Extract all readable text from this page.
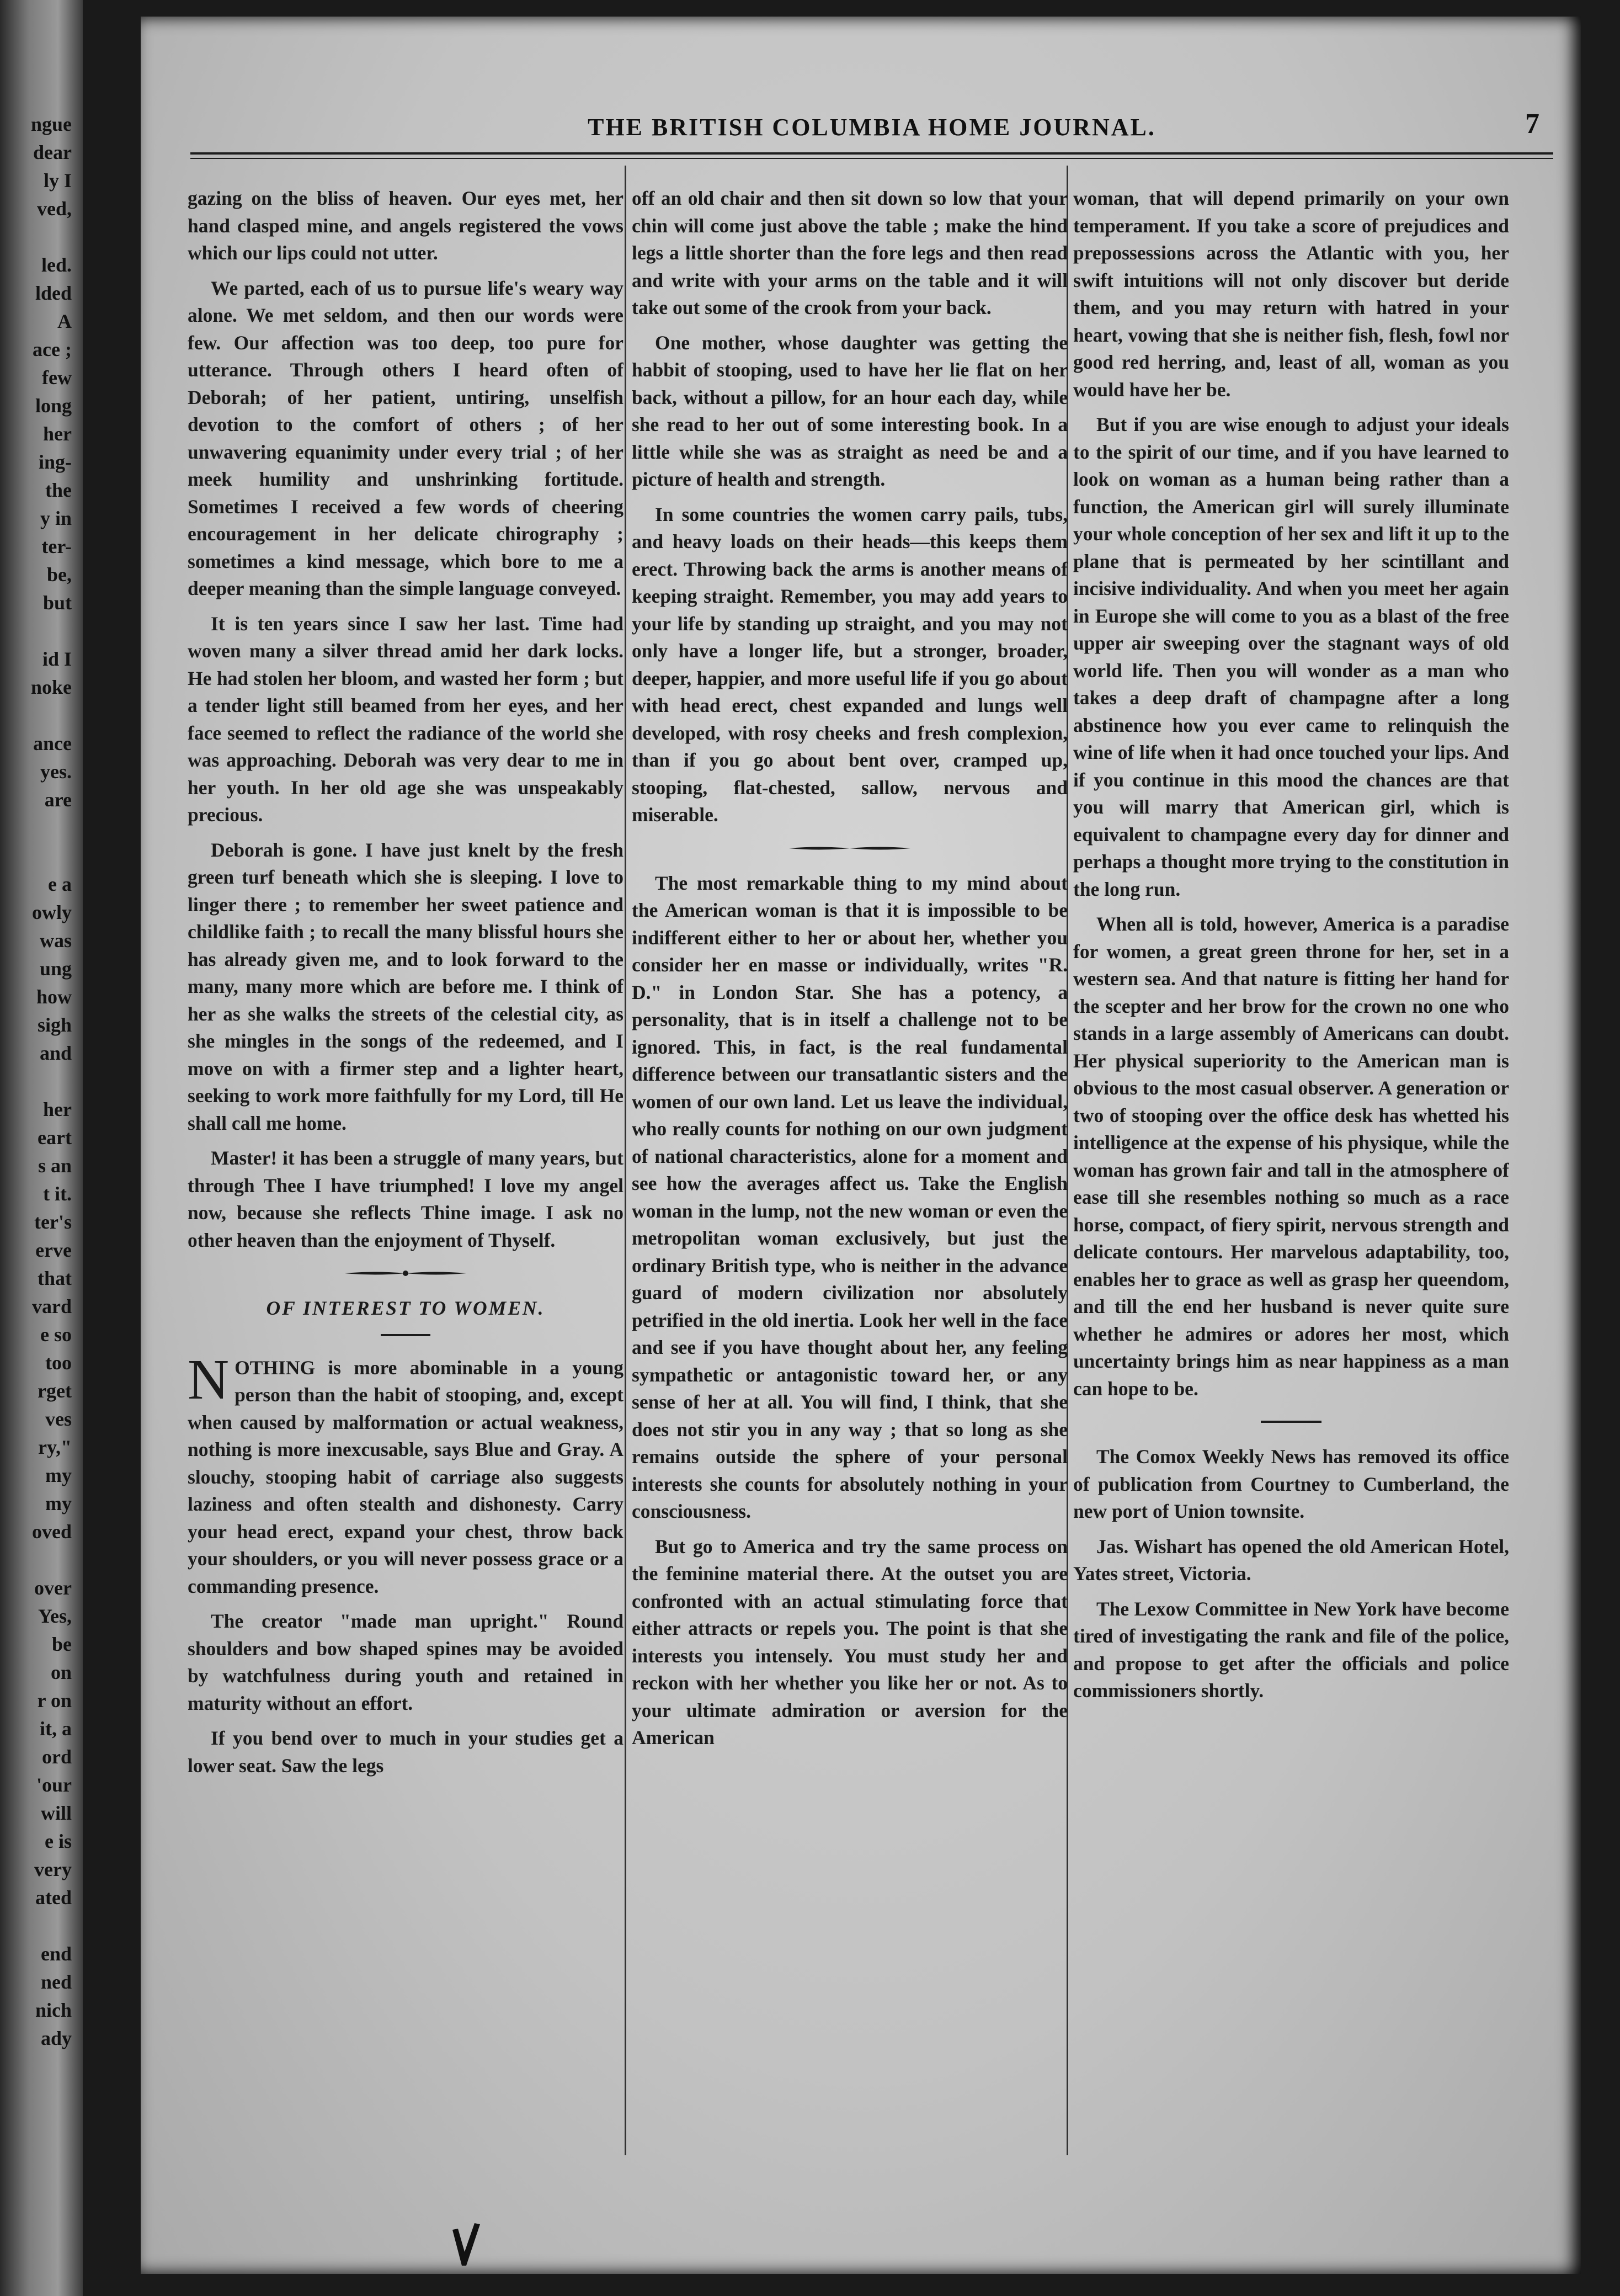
ngue
dear
ly I
ved,
led.
lded
A
ace ;
few
long
her
ing-
the
y in
ter-
be,
but
id I
noke
ance
yes.
are
e a
owly
was
ung
how
sigh
and
her
eart
s an
t it.
ter's
erve
that
vard
e so
too
rget
ves
ry,"
my
my
oved
over
Yes,
be
on
r on
it, a
ord
'our
will
e is
very
ated
end
ned
nich
ady
THE BRITISH COLUMBIA HOME JOURNAL.	7

gazing on the bliss of heaven. Our eyes met, her hand clasped mine, and angels registered the vows which our lips could not utter.

We parted, each of us to pursue life's weary way alone. We met seldom, and then our words were few. Our affection was too deep, too pure for utterance. Through others I heard often of Deborah; of her patient, untiring, unselfish devotion to the comfort of others ; of her unwavering equanimity under every trial ; of her meek humility and unshrinking fortitude. Sometimes I received a few words of cheering encouragement in her delicate chirography ; sometimes a kind message, which bore to me a deeper meaning than the simple language conveyed.

It is ten years since I saw her last. Time had woven many a silver thread amid her dark locks. He had stolen her bloom, and wasted her form ; but a tender light still beamed from her eyes, and her face seemed to reflect the radiance of the world she was approaching. Deborah was very dear to me in her youth. In her old age she was unspeakably precious.

Deborah is gone. I have just knelt by the fresh green turf beneath which she is sleeping. I love to linger there ; to remember her sweet patience and childlike faith ; to recall the many blissful hours she has already given me, and to look forward to the many, many more which are before me. I think of her as she walks the streets of the celestial city, as she mingles in the songs of the redeemed, and I move on with a firmer step and a lighter heart, seeking to work more faithfully for my Lord, till He shall call me home.

Master! it has been a struggle of many years, but through Thee I have triumphed! I love my angel now, because she reflects Thine image. I ask no other heaven than the enjoyment of Thyself.

OF INTEREST TO WOMEN.

NOTHING is more abominable in a young person than the habit of stooping, and, except when caused by malformation or actual weakness, nothing is more inexcusable, says Blue and Gray. A slouchy, stooping habit of carriage also suggests laziness and often stealth and dishonesty. Carry your head erect, expand your chest, throw back your shoulders, or you will never possess grace or a commanding presence.

The creator "made man upright." Round shoulders and bow shaped spines may be avoided by watchfulness during youth and retained in maturity without an effort.

If you bend over to much in your studies get a lower seat. Saw the legs

off an old chair and then sit down so low that your chin will come just above the table ; make the hind legs a little shorter than the fore legs and then read and write with your arms on the table and it will take out some of the crook from your back.

One mother, whose daughter was getting the habbit of stooping, used to have her lie flat on her back, without a pillow, for an hour each day, while she read to her out of some interesting book. In a little while she was as straight as need be and a picture of health and strength.

In some countries the women carry pails, tubs, and heavy loads on their heads—this keeps them erect. Throwing back the arms is another means of keeping straight. Remember, you may add years to your life by standing up straight, and you may not only have a longer life, but a stronger, broader, deeper, happier, and more useful life if you go about with head erect, chest expanded and lungs well developed, with rosy cheeks and fresh complexion, than if you go about bent over, cramped up, stooping, flat-chested, sallow, nervous and miserable.

The most remarkable thing to my mind about the American woman is that it is impossible to be indifferent either to her or about her, whether you consider her en masse or individually, writes "R. D." in London Star. She has a potency, a personality, that is in itself a challenge not to be ignored. This, in fact, is the real fundamental difference between our transatlantic sisters and the women of our own land. Let us leave the individual, who really counts for nothing on our own judgment of national characteristics, alone for a moment and see how the averages affect us. Take the English woman in the lump, not the new woman or even the metropolitan woman exclusively, but just the ordinary British type, who is neither in the advance guard of modern civilization nor absolutely petrified in the old inertia. Look her well in the face and see if you have thought about her, any feeling sympathetic or antagonistic toward her, or any sense of her at all. You will find, I think, that she does not stir you in any way ; that so long as she remains outside the sphere of your personal interests she counts for absolutely nothing in your consciousness.

But go to America and try the same process on the feminine material there. At the outset you are confronted with an actual stimulating force that either attracts or repels you. The point is that she interests you intensely. You must study her and reckon with her whether you like her or not. As to your ultimate admiration or aversion for the American

woman, that will depend primarily on your own temperament. If you take a score of prejudices and prepossessions across the Atlantic with you, her swift intuitions will not only discover but deride them, and you may return with hatred in your heart, vowing that she is neither fish, flesh, fowl nor good red herring, and, least of all, woman as you would have her be.

But if you are wise enough to adjust your ideals to the spirit of our time, and if you have learned to look on woman as a human being rather than a function, the American girl will surely illuminate your whole conception of her sex and lift it up to the plane that is permeated by her scintillant and incisive individuality. And when you meet her again in Europe she will come to you as a blast of the free upper air sweeping over the stagnant ways of old world life. Then you will wonder as a man who takes a deep draft of champagne after a long abstinence how you ever came to relinquish the wine of life when it had once touched your lips. And if you continue in this mood the chances are that you will marry that American girl, which is equivalent to champagne every day for dinner and perhaps a thought more trying to the constitution in the long run.

When all is told, however, America is a paradise for women, a great green throne for her, set in a western sea. And that nature is fitting her hand for the scepter and her brow for the crown no one who stands in a large assembly of Americans can doubt. Her physical superiority to the American man is obvious to the most casual observer. A generation or two of stooping over the office desk has whetted his intelligence at the expense of his physique, while the woman has grown fair and tall in the atmosphere of ease till she resembles nothing so much as a race horse, compact, of fiery spirit, nervous strength and delicate contours. Her marvelous adaptability, too, enables her to grace as well as grasp her queendom, and till the end her husband is never quite sure whether he admires or adores her most, which uncertainty brings him as near happiness as a man can hope to be.

The Comox Weekly News has removed its office of publication from Courtney to Cumberland, the new port of Union townsite.

Jas. Wishart has opened the old American Hotel, Yates street, Victoria.

The Lexow Committee in New York have become tired of investigating the rank and file of the police, and propose to get after the officials and police commissioners shortly.
